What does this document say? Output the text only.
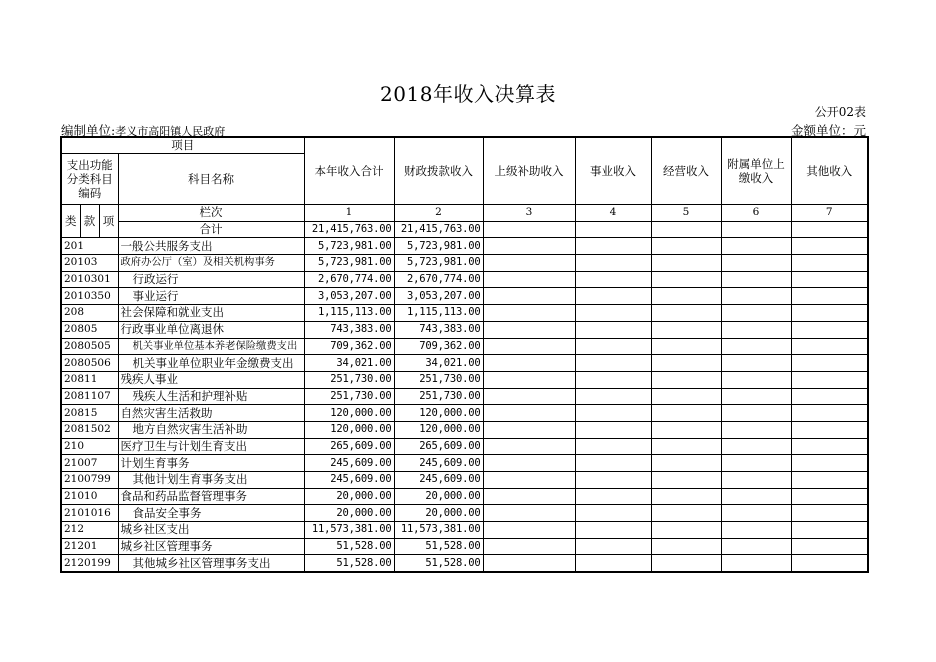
2018年收入决算表
公开02表
编制单位:孝义市高阳镇人民政府	金额单位：元
项目				本年收入合计	财政拨款收入	上级补助收入	事业收入	经营收入	附属单位上缴收入	其他收入
支出功能分类科目编码			科目名称							
类	款	项	栏次	1	2	3	4	5	6	7
			合计	21,415,763.00	21,415,763.00					
201			一般公共服务支出	5,723,981.00	5,723,981.00					
20103			政府办公厅（室）及相关机构事务	5,723,981.00	5,723,981.00					
2010301			行政运行	2,670,774.00	2,670,774.00					
2010350			事业运行	3,053,207.00	3,053,207.00					
208			社会保障和就业支出	1,115,113.00	1,115,113.00					
20805			行政事业单位离退休	743,383.00	743,383.00					
2080505			机关事业单位基本养老保险缴费支出	709,362.00	709,362.00					
2080506			机关事业单位职业年金缴费支出	34,021.00	34,021.00					
20811			残疾人事业	251,730.00	251,730.00					
2081107			残疾人生活和护理补贴	251,730.00	251,730.00					
20815			自然灾害生活救助	120,000.00	120,000.00					
2081502			地方自然灾害生活补助	120,000.00	120,000.00					
210			医疗卫生与计划生育支出	265,609.00	265,609.00					
21007			计划生育事务	245,609.00	245,609.00					
2100799			其他计划生育事务支出	245,609.00	245,609.00					
21010			食品和药品监督管理事务	20,000.00	20,000.00					
2101016			食品安全事务	20,000.00	20,000.00					
212			城乡社区支出	11,573,381.00	11,573,381.00					
21201			城乡社区管理事务	51,528.00	51,528.00					
2120199			其他城乡社区管理事务支出	51,528.00	51,528.00					
